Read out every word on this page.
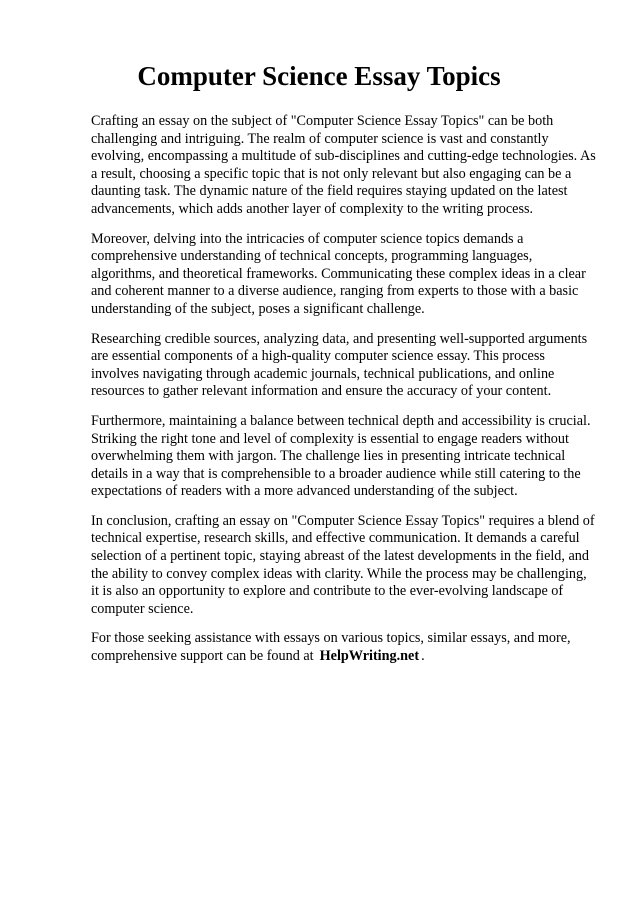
Computer Science Essay Topics

Crafting an essay on the subject of "Computer Science Essay Topics" can be both challenging and intriguing. The realm of computer science is vast and constantly evolving, encompassing a multitude of sub-disciplines and cutting-edge technologies. As a result, choosing a specific topic that is not only relevant but also engaging can be a daunting task. The dynamic nature of the field requires staying updated on the latest advancements, which adds another layer of complexity to the writing process.

Moreover, delving into the intricacies of computer science topics demands a comprehensive understanding of technical concepts, programming languages, algorithms, and theoretical frameworks. Communicating these complex ideas in a clear and coherent manner to a diverse audience, ranging from experts to those with a basic understanding of the subject, poses a significant challenge.

Researching credible sources, analyzing data, and presenting well-supported arguments are essential components of a high-quality computer science essay. This process involves navigating through academic journals, technical publications, and online resources to gather relevant information and ensure the accuracy of your content.

Furthermore, maintaining a balance between technical depth and accessibility is crucial. Striking the right tone and level of complexity is essential to engage readers without overwhelming them with jargon. The challenge lies in presenting intricate technical details in a way that is comprehensible to a broader audience while still catering to the expectations of readers with a more advanced understanding of the subject.

In conclusion, crafting an essay on "Computer Science Essay Topics" requires a blend of technical expertise, research skills, and effective communication. It demands a careful selection of a pertinent topic, staying abreast of the latest developments in the field, and the ability to convey complex ideas with clarity. While the process may be challenging, it is also an opportunity to explore and contribute to the ever-evolving landscape of computer science.

For those seeking assistance with essays on various topics, similar essays, and more, comprehensive support can be found at HelpWriting.net .
